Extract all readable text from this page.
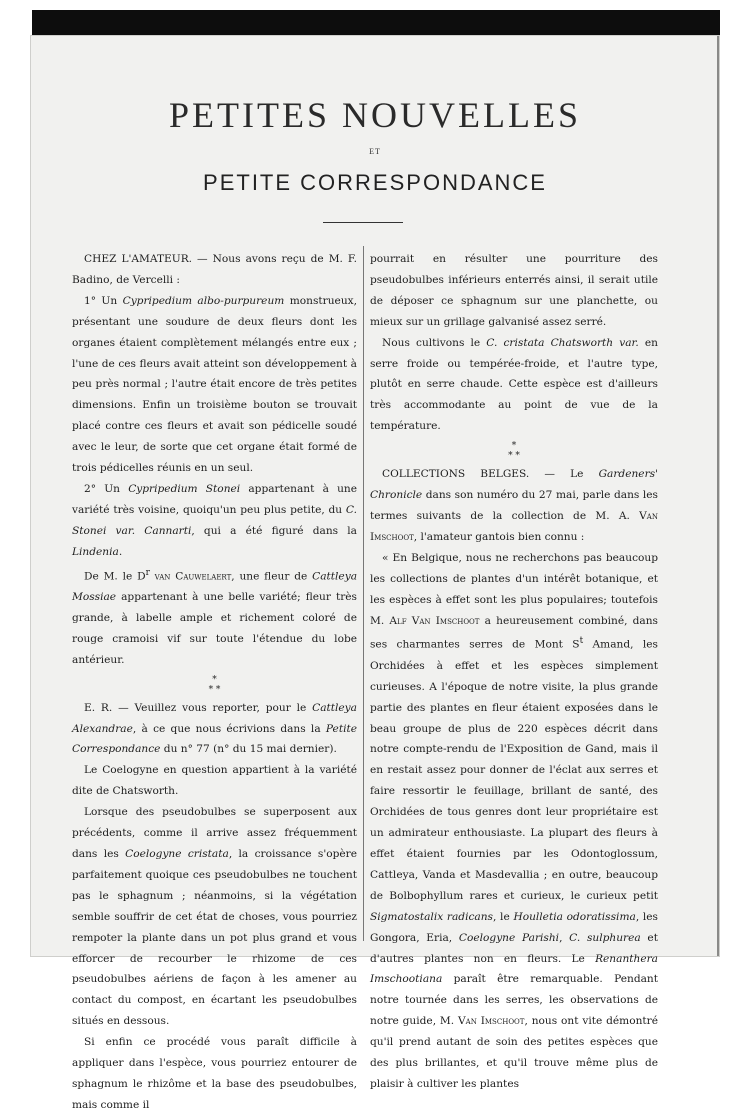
PETITES NOUVELLES
ET
PETITE CORRESPONDANCE

CHEZ L'AMATEUR. — Nous avons reçu de M. F. Badino, de Vercelli :

1° Un Cypripedium albo-purpureum monstrueux, présentant une soudure de deux fleurs dont les organes étaient complètement mélangés entre eux ; l'une de ces fleurs avait atteint son développement à peu près normal ; l'autre était encore de très petites dimensions. Enfin un troisième bouton se trouvait placé contre ces fleurs et avait son pédicelle soudé avec le leur, de sorte que cet organe était formé de trois pédicelles réunis en un seul.

2° Un Cypripedium Stonei appartenant à une variété très voisine, quoiqu'un peu plus petite, du C. Stonei var. Cannarti, qui a été figuré dans la Lindenia.

De M. le $D^r$ van Cauwelaert, une fleur de Cattleya Mossiae appartenant à une belle variété; fleur très grande, à labelle ample et richement coloré de rouge cramoisi vif sur toute l'étendue du lobe antérieur.

*
* *

E. R. — Veuillez vous reporter, pour le Cattleya Alexandrae, à ce que nous écrivions dans la Petite Correspondance du n° 77 (n° du 15 mai dernier).

Le Coelogyne en question appartient à la variété dite de Chatsworth.

Lorsque des pseudobulbes se superposent aux précédents, comme il arrive assez fréquemment dans les Coelogyne cristata, la croissance s'opère parfaitement quoique ces pseudobulbes ne touchent pas le sphagnum ; néanmoins, si la végétation semble souffrir de cet état de choses, vous pourriez rempoter la plante dans un pot plus grand et vous efforcer de recourber le rhizome de ces pseudobulbes aériens de façon à les amener au contact du compost, en écartant les pseudobulbes situés en dessous.

Si enfin ce procédé vous paraît difficile à appliquer dans l'espèce, vous pourriez entourer de sphagnum le rhizôme et la base des pseudobulbes, mais comme il

pourrait en résulter une pourriture des pseudobulbes inférieurs enterrés ainsi, il serait utile de déposer ce sphagnum sur une planchette, ou mieux sur un grillage galvanisé assez serré.

Nous cultivons le C. cristata Chatsworth var. en serre froide ou tempérée-froide, et l'autre type, plutôt en serre chaude. Cette espèce est d'ailleurs très accommodante au point de vue de la température.

*
* *

COLLECTIONS BELGES. — Le Gardeners' Chronicle dans son numéro du 27 mai, parle dans les termes suivants de la collection de M. A. Van Imschoot, l'amateur gantois bien connu :

« En Belgique, nous ne recherchons pas beaucoup les collections de plantes d'un intérêt botanique, et les espèces à effet sont les plus populaires; toutefois M. Alf Van Imschoot a heureusement combiné, dans ses charmantes serres de Mont $S^t$ Amand, les Orchidées à effet et les espèces simplement curieuses. A l'époque de notre visite, la plus grande partie des plantes en fleur étaient exposées dans le beau groupe de plus de 220 espèces décrit dans notre compte-rendu de l'Exposition de Gand, mais il en restait assez pour donner de l'éclat aux serres et faire ressortir le feuillage, brillant de santé, des Orchidées de tous genres dont leur propriétaire est un admirateur enthousiaste. La plupart des fleurs à effet étaient fournies par les Odontoglossum, Cattleya, Vanda et Masdevallia ; en outre, beaucoup de Bolbophyllum rares et curieux, le curieux petit Sigmatostalix radicans, le Houlletia odoratissima, les Gongora, Eria, Coelogyne Parishi, C. sulphurea et d'autres plantes non en fleurs. Le Renanthera Imschootiana paraît être remarquable. Pendant notre tournée dans les serres, les observations de notre guide, M. Van Imschoot, nous ont vite démontré qu'il prend autant de soin des petites espèces que des plus brillantes, et qu'il trouve même plus de plaisir à cultiver les plantes
